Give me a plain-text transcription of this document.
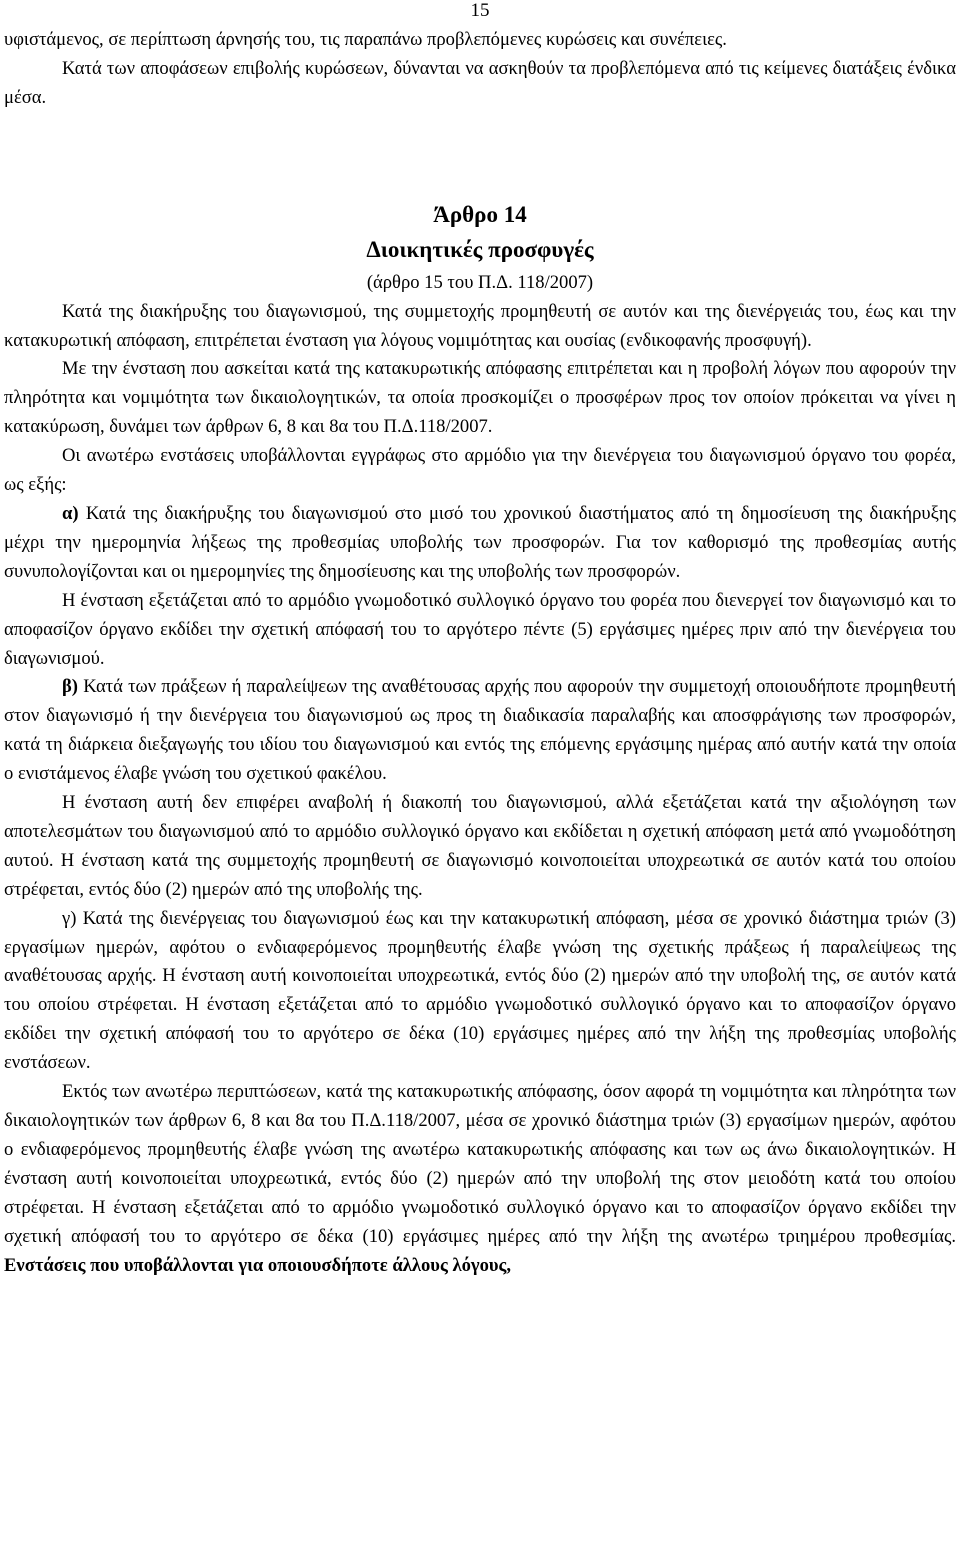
15

υφιστάμενος, σε περίπτωση άρνησής του, τις παραπάνω προβλεπόμενες κυρώσεις και συνέπειες.

Κατά των αποφάσεων επιβολής κυρώσεων, δύνανται να ασκηθούν τα προβλεπόμενα από τις κείμενες διατάξεις ένδικα μέσα.

Άρθρο 14
Διοικητικές προσφυγές
(άρθρο 15 του Π.Δ. 118/2007)

Κατά της διακήρυξης του διαγωνισμού, της συμμετοχής προμηθευτή σε αυτόν και της διενέργειάς του, έως και την κατακυρωτική απόφαση, επιτρέπεται ένσταση για λόγους νομιμότητας και ουσίας (ενδικοφανής προσφυγή).

Με την ένσταση που ασκείται κατά της κατακυρωτικής απόφασης επιτρέπεται και η προβολή λόγων που αφορούν την πληρότητα και νομιμότητα των δικαιολογητικών, τα οποία προσκομίζει ο προσφέρων προς τον οποίον πρόκειται να γίνει η κατακύρωση, δυνάμει των άρθρων 6, 8 και 8α του Π.Δ.118/2007.

Οι ανωτέρω ενστάσεις υποβάλλονται εγγράφως στο αρμόδιο για την διενέργεια του διαγωνισμού όργανο του φορέα, ως εξής:

α) Κατά της διακήρυξης του διαγωνισμού στο μισό του χρονικού διαστήματος από τη δημοσίευση της διακήρυξης μέχρι την ημερομηνία λήξεως της προθεσμίας υποβολής των προσφορών. Για τον καθορισμό της προθεσμίας αυτής συνυπολογίζονται και οι ημερομηνίες της δημοσίευσης και της υποβολής των προσφορών.

Η ένσταση εξετάζεται από το αρμόδιο γνωμοδοτικό συλλογικό όργανο του φορέα που διενεργεί τον διαγωνισμό και το αποφασίζον όργανο εκδίδει την σχετική απόφασή του το αργότερο πέντε (5) εργάσιμες ημέρες πριν από την διενέργεια του διαγωνισμού.

β) Κατά των πράξεων ή παραλείψεων της αναθέτουσας αρχής που αφορούν την συμμετοχή οποιουδήποτε προμηθευτή στον διαγωνισμό ή την διενέργεια του διαγωνισμού ως προς τη διαδικασία παραλαβής και αποσφράγισης των προσφορών, κατά τη διάρκεια διεξαγωγής του ιδίου του διαγωνισμού και εντός της επόμενης εργάσιμης ημέρας από αυτήν κατά την οποία ο ενιστάμενος έλαβε γνώση του σχετικού φακέλου.

Η ένσταση αυτή δεν επιφέρει αναβολή ή διακοπή του διαγωνισμού, αλλά εξετάζεται κατά την αξιολόγηση των αποτελεσμάτων του διαγωνισμού από το αρμόδιο συλλογικό όργανο και εκδίδεται η σχετική απόφαση μετά από γνωμοδότηση αυτού. Η ένσταση κατά της συμμετοχής προμηθευτή σε διαγωνισμό κοινοποιείται υποχρεωτικά σε αυτόν κατά του οποίου στρέφεται, εντός δύο (2) ημερών από της υποβολής της.

γ) Κατά της διενέργειας του διαγωνισμού έως και την κατακυρωτική απόφαση, μέσα σε χρονικό διάστημα τριών (3) εργασίμων ημερών, αφότου ο ενδιαφερόμενος προμηθευτής έλαβε γνώση της σχετικής πράξεως ή παραλείψεως της αναθέτουσας αρχής. Η ένσταση αυτή κοινοποιείται υποχρεωτικά, εντός δύο (2) ημερών από την υποβολή της, σε αυτόν κατά του οποίου στρέφεται. Η ένσταση εξετάζεται από το αρμόδιο γνωμοδοτικό συλλογικό όργανο και το αποφασίζον όργανο εκδίδει την σχετική απόφασή του το αργότερο σε δέκα (10) εργάσιμες ημέρες από την λήξη της προθεσμίας υποβολής ενστάσεων.

Εκτός των ανωτέρω περιπτώσεων, κατά της κατακυρωτικής απόφασης, όσον αφορά τη νομιμότητα και πληρότητα των δικαιολογητικών των άρθρων 6, 8 και 8α του Π.Δ.118/2007, μέσα σε χρονικό διάστημα τριών (3) εργασίμων ημερών, αφότου ο ενδιαφερόμενος προμηθευτής έλαβε γνώση της ανωτέρω κατακυρωτικής απόφασης και των ως άνω δικαιολογητικών. Η ένσταση αυτή κοινοποιείται υποχρεωτικά, εντός δύο (2) ημερών από την υποβολή της στον μειοδότη κατά του οποίου στρέφεται. Η ένσταση εξετάζεται από το αρμόδιο γνωμοδοτικό συλλογικό όργανο και το αποφασίζον όργανο εκδίδει την σχετική απόφασή του το αργότερο σε δέκα (10) εργάσιμες ημέρες από την λήξη της ανωτέρω τριημέρου προθεσμίας. Ενστάσεις που υποβάλλονται για οποιουσδήποτε άλλους λόγους,
